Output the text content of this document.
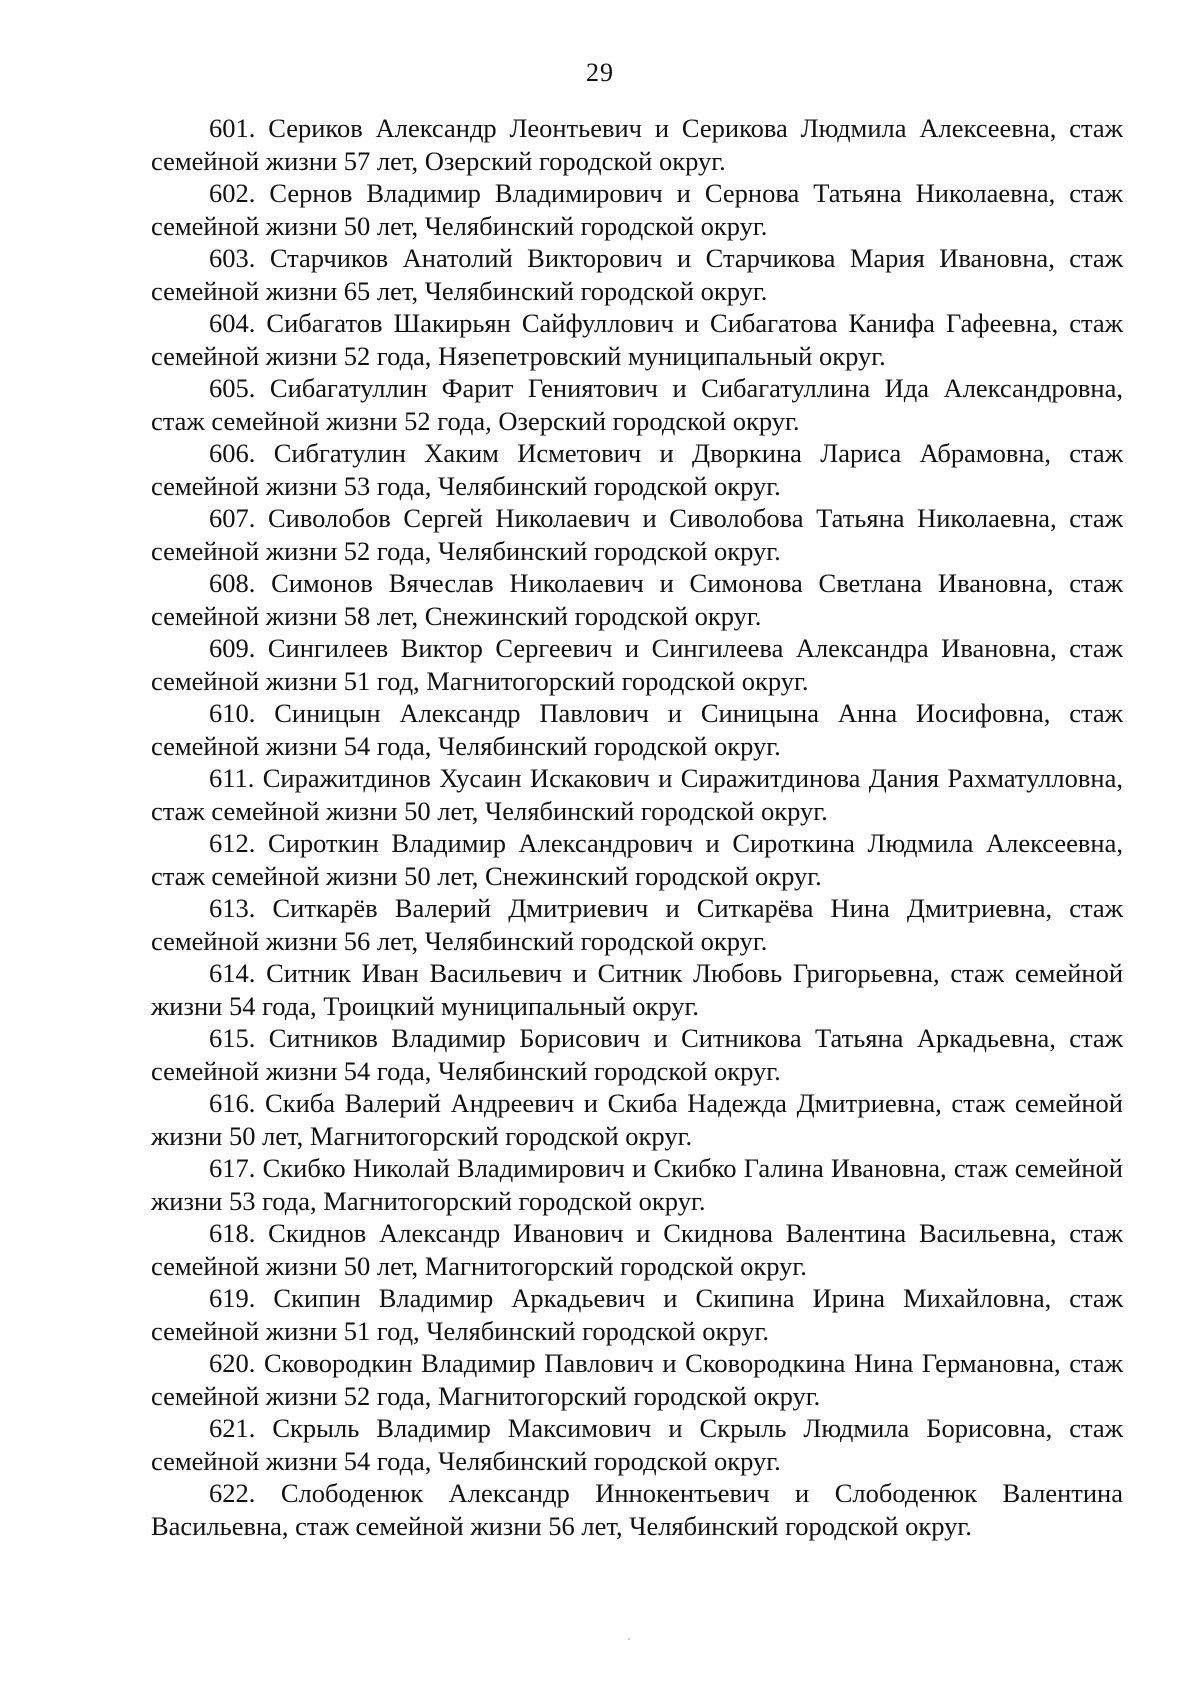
29

601. Сериков Александр Леонтьевич и Серикова Людмила Алексеевна, стаж семейной жизни 57 лет, Озерский городской округ.

602. Сернов Владимир Владимирович и Сернова Татьяна Николаевна, стаж семейной жизни 50 лет, Челябинский городской округ.

603. Старчиков Анатолий Викторович и Старчикова Мария Ивановна, стаж семейной жизни 65 лет, Челябинский городской округ.

604. Сибагатов Шакирьян Сайфуллович и Сибагатова Канифа Гафеевна, стаж семейной жизни 52 года, Нязепетровский муниципальный округ.

605. Сибагатуллин Фарит Гениятович и Сибагатуллина Ида Александровна, стаж семейной жизни 52 года, Озерский городской округ.

606. Сибгатулин Хаким Исметович и Дворкина Лариса Абрамовна, стаж семейной жизни 53 года, Челябинский городской округ.

607. Сиволобов Сергей Николаевич и Сиволобова Татьяна Николаевна, стаж семейной жизни 52 года, Челябинский городской округ.

608. Симонов Вячеслав Николаевич и Симонова Светлана Ивановна, стаж семейной жизни 58 лет, Снежинский городской округ.

609. Сингилеев Виктор Сергеевич и Сингилеева Александра Ивановна, стаж семейной жизни 51 год, Магнитогорский городской округ.

610. Синицын Александр Павлович и Синицына Анна Иосифовна, стаж семейной жизни 54 года, Челябинский городской округ.

611. Сиражитдинов Хусаин Искакович и Сиражитдинова Дания Рахматулловна, стаж семейной жизни 50 лет, Челябинский городской округ.

612. Сироткин Владимир Александрович и Сироткина Людмила Алексеевна, стаж семейной жизни 50 лет, Снежинский городской округ.

613. Ситкарёв Валерий Дмитриевич и Ситкарёва Нина Дмитриевна, стаж семейной жизни 56 лет, Челябинский городской округ.

614. Ситник Иван Васильевич и Ситник Любовь Григорьевна, стаж семейной жизни 54 года, Троицкий муниципальный округ.

615. Ситников Владимир Борисович и Ситникова Татьяна Аркадьевна, стаж семейной жизни 54 года, Челябинский городской округ.

616. Скиба Валерий Андреевич и Скиба Надежда Дмитриевна, стаж семейной жизни 50 лет, Магнитогорский городской округ.

617. Скибко Николай Владимирович и Скибко Галина Ивановна, стаж семейной жизни 53 года, Магнитогорский городской округ.

618. Скиднов Александр Иванович и Скиднова Валентина Васильевна, стаж семейной жизни 50 лет, Магнитогорский городской округ.

619. Скипин Владимир Аркадьевич и Скипина Ирина Михайловна, стаж семейной жизни 51 год, Челябинский городской округ.

620. Сковородкин Владимир Павлович и Сковородкина Нина Германовна, стаж семейной жизни 52 года, Магнитогорский городской округ.

621. Скрыль Владимир Максимович и Скрыль Людмила Борисовна, стаж семейной жизни 54 года, Челябинский городской округ.

622. Слободенюк Александр Иннокентьевич и Слободенюк Валентина Васильевна, стаж семейной жизни 56 лет, Челябинский городской округ.
